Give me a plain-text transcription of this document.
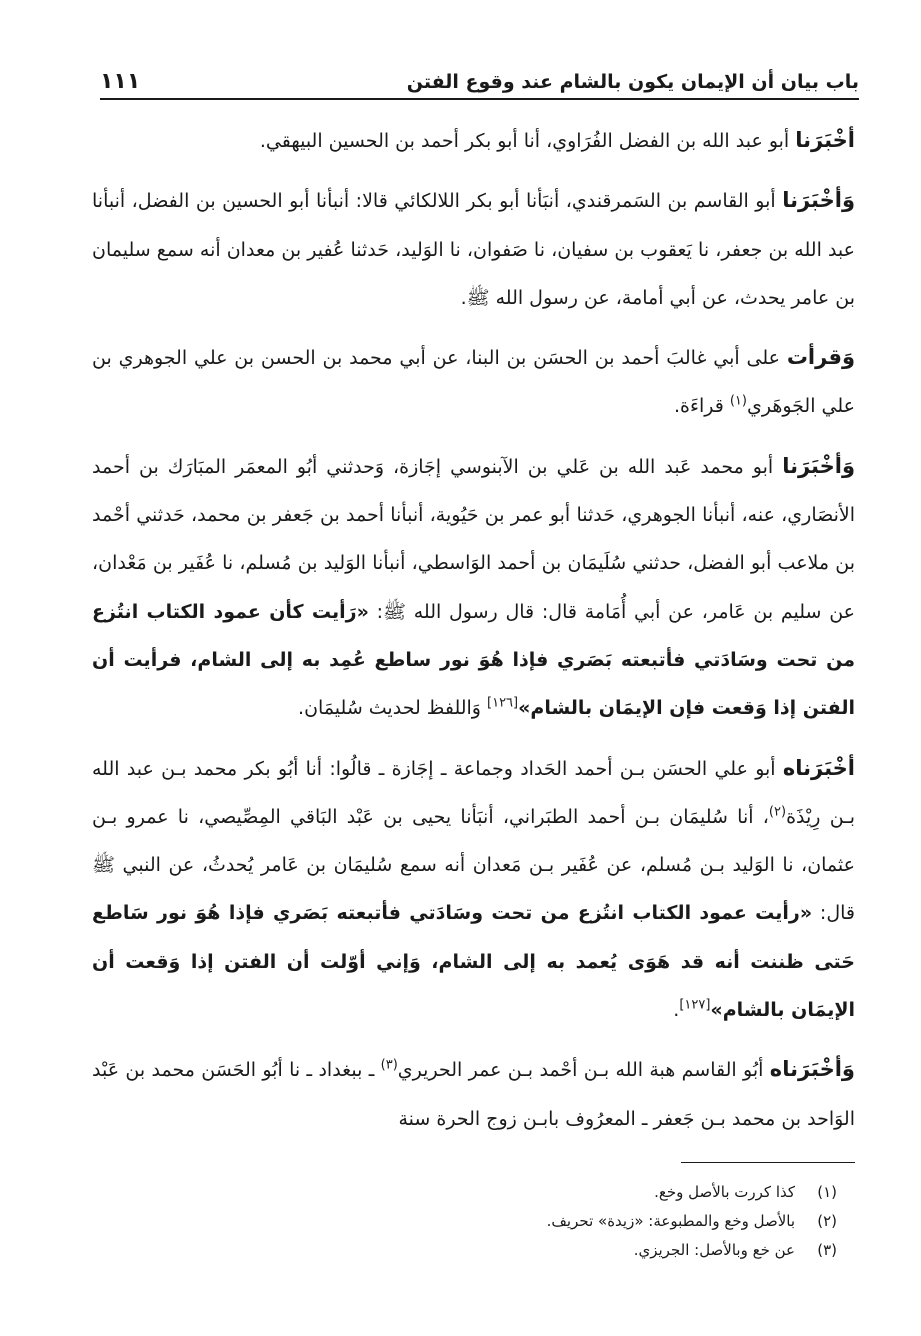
باب بيان أن الإيمان يكون بالشام عند وقوع الفتن
١١١

أخْبَرَنا أبو عبد الله بن الفضل الفُرَاوي، أنا أبو بكر أحمد بن الحسين البيهقي.

وَأخْبَرَنا أبو القاسم بن السَمرقندي، أنبَأنا أبو بكر اللالكائي قالا: أنبأنا أبو الحسين بن الفضل، أنبأنا عبد الله بن جعفر، نا يَعقوب بن سفيان، نا صَفوان، نا الوَليد، حَدثنا عُفير بن معدان أنه سمع سليمان بن عامر يحدث، عن أبي أمامة، عن رسول الله ﷺ.

وَقرأت على أبي غالبَ أحمد بن الحسَن بن البنا، عن أبي محمد بن الحسن بن علي الجوهري بن علي الجَوهَري$^{(١)}$ قراءَة.

وَأخْبَرَنا أبو محمد عَبد الله بن عَلي بن الآبنوسي إجَازة، وَحدثني أبُو المعمَر المبَارَك بن أحمد الأنصَاري، عنه، أنبأنا الجوهري، حَدثنا أبو عمر بن حَيُوية، أنبأنا أحمد بن جَعفر بن محمد، حَدثني أحْمد بن ملاعب أبو الفضل، حدثني سُلَيمَان بن أحمد الوَاسطي، أنبأنا الوَليد بن مُسلم، نا عُفَير بن مَعْدان، عن سليم بن عَامر، عن أبي أُمَامة قال: قال رسول الله ﷺ: «رَأيت كأن عمود الكتاب انتُزع من تحت وسَادَتي فأتبعته بَصَري فإذا هُوَ نور ساطع عُمِد به إلى الشام، فرأيت أن الفتن إذا وَقعت فإن الإيمَان بالشام»[١٢٦] وَاللفظ لحديث سُليمَان.

أخْبَرَناه أبو علي الحسَن بـن أحمد الحَداد وجماعة ـ إجَازة ـ قالُوا: أنا أبُو بكر محمد بـن عبد الله بـن رِيْذَة$^{(٢)}$، أنا سُليمَان بـن أحمد الطبَراني، أنبَأنا يحيى بن عَبْد البَاقي المِصِّيصي، نا عمرو بـن عثمان، نا الوَليد بـن مُسلم، عن عُفَير بـن مَعدان أنه سمع سُليمَان بن عَامر يُحدثُ، عن النبي ﷺ قال: «رأيت عمود الكتاب انتُزع من تحت وسَادَتي فأتبعته بَصَري فإذا هُوَ نور سَاطع حَتى ظننت أنه قد هَوَى يُعمد به إلى الشام، وَإني أوّلت أن الفتن إذا وَقعت أن الإيمَان بالشام»[١٢٧].

وَأخْبَرَناه أبُو القاسم هبة الله بـن أحْمد بـن عمر الحريري$^{(٣)}$ ـ ببغداد ـ نا أبُو الحَسَن محمد بن عَبْد الوَاحد بن محمد بـن جَعفر ـ المعرُوف بابـن زوج الحرة سنة

(١)
كذا كررت بالأصل وخع.
(٢)
بالأصل وخع والمطبوعة: «زيدة» تحريف.
(٣)
عن خع وبالأصل: الجريزي.
